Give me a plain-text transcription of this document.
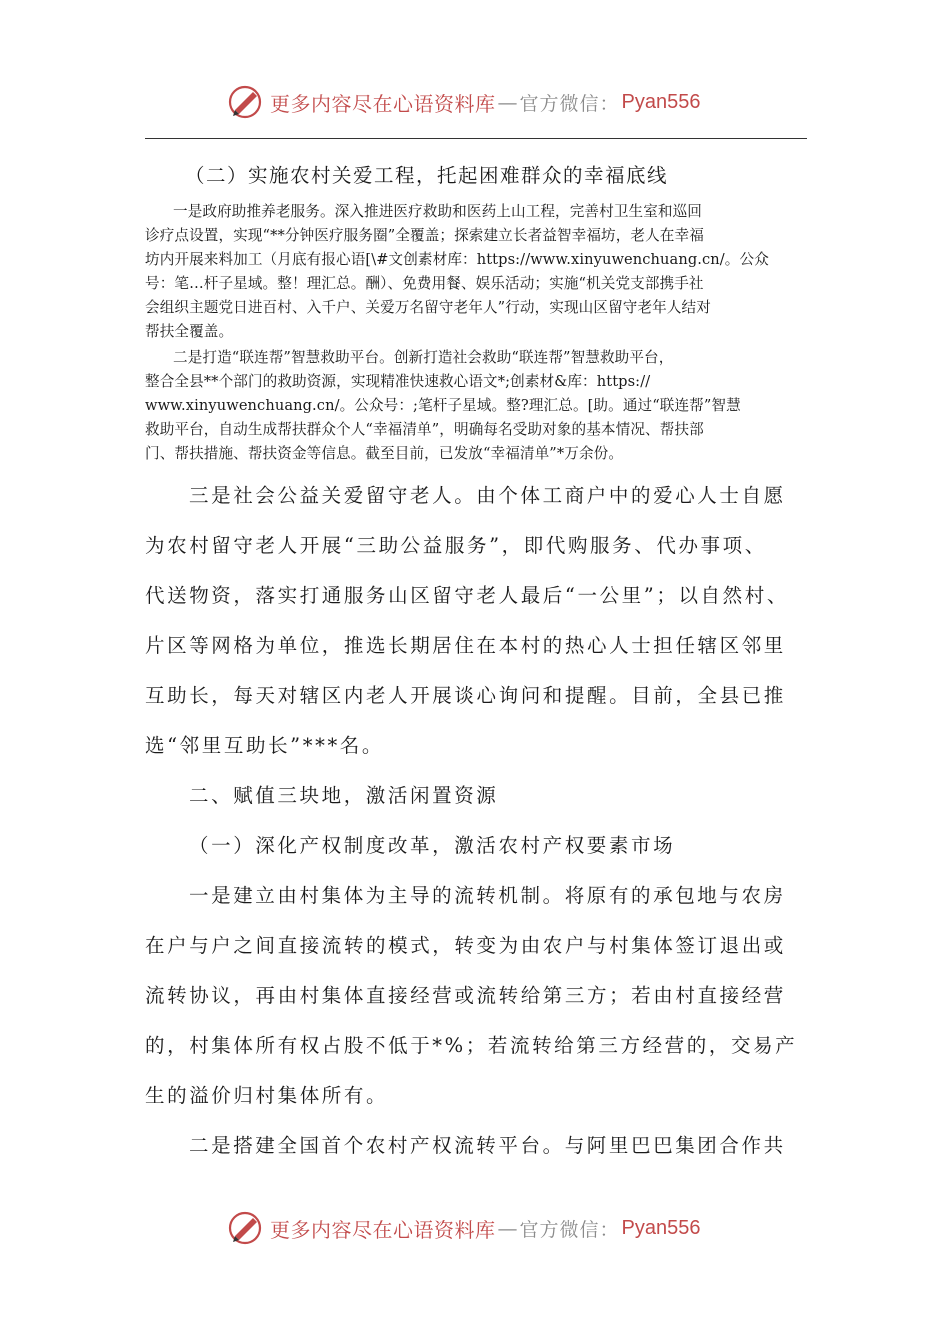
更多内容尽在心语资料库 — 官方微信： Pyan556
（二）实施农村关爱工程，托起困难群众的幸福底线
一是政府助推养老服务。深入推进医疗救助和医药上山工程，完善村卫生室和巡回
诊疗点设置，实现“**分钟医疗服务圈”全覆盖；探索建立长者益智幸福坊，老人在幸福
坊内开展来料加工（月底有报心语[\#文创素材库：https://www.xinyuwenchuang.cn/。公众
号：笔…杆子星域。整！理汇总。酬）、免费用餐、娱乐活动；实施“机关党支部携手社
会组织主题党日进百村、入千户、关爱万名留守老年人”行动，实现山区留守老年人结对
帮扶全覆盖。
二是打造“联连帮”智慧救助平台。创新打造社会救助“联连帮”智慧救助平台，
整合全县**个部门的救助资源，实现精准快速救心语文*;创素材&库：https://
www.xinyuwenchuang.cn/。公众号：;笔杆子星域。整?理汇总。[助。通过“联连帮”智慧
救助平台，自动生成帮扶群众个人“幸福清单”，明确每名受助对象的基本情况、帮扶部
门、帮扶措施、帮扶资金等信息。截至目前，已发放“幸福清单”*万余份。
三是社会公益关爱留守老人。由个体工商户中的爱心人士自愿
为农村留守老人开展“三助公益服务”，即代购服务、代办事项、
代送物资，落实打通服务山区留守老人最后“一公里”；以自然村、
片区等网格为单位，推选长期居住在本村的热心人士担任辖区邻里
互助长，每天对辖区内老人开展谈心询问和提醒。目前，全县已推
选“邻里互助长”***名。
二、赋值三块地，激活闲置资源
（一）深化产权制度改革，激活农村产权要素市场
一是建立由村集体为主导的流转机制。将原有的承包地与农房
在户与户之间直接流转的模式，转变为由农户与村集体签订退出或
流转协议，再由村集体直接经营或流转给第三方；若由村直接经营
的，村集体所有权占股不低于*%；若流转给第三方经营的，交易产
生的溢价归村集体所有。
二是搭建全国首个农村产权流转平台。与阿里巴巴集团合作共
更多内容尽在心语资料库 — 官方微信： Pyan556
